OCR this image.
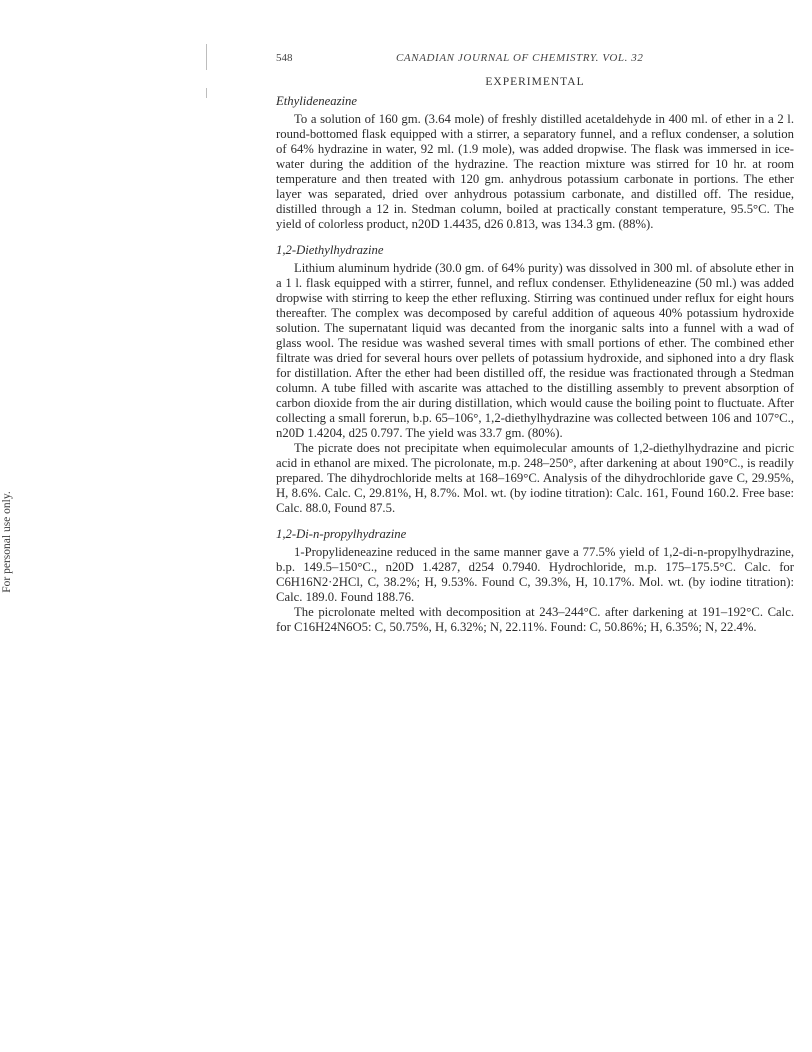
For personal use only.
548	CANADIAN JOURNAL OF CHEMISTRY. VOL. 32
EXPERIMENTAL
Ethylideneazine

To a solution of 160 gm. (3.64 mole) of freshly distilled acetaldehyde in 400 ml. of ether in a 2 l. round-bottomed flask equipped with a stirrer, a separatory funnel, and a reflux condenser, a solution of 64% hydrazine in water, 92 ml. (1.9 mole), was added dropwise. The flask was immersed in ice-water during the addition of the hydrazine. The reaction mixture was stirred for 10 hr. at room temperature and then treated with 120 gm. anhydrous potassium carbonate in portions. The ether layer was separated, dried over anhydrous potassium carbonate, and distilled off. The residue, distilled through a 12 in. Stedman column, boiled at practically constant temperature, 95.5°C. The yield of colorless product, n20D 1.4435, d26 0.813, was 134.3 gm. (88%).

1,2-Diethylhydrazine

Lithium aluminum hydride (30.0 gm. of 64% purity) was dissolved in 300 ml. of absolute ether in a 1 l. flask equipped with a stirrer, funnel, and reflux condenser. Ethylideneazine (50 ml.) was added dropwise with stirring to keep the ether refluxing. Stirring was continued under reflux for eight hours thereafter. The complex was decomposed by careful addition of aqueous 40% potassium hydroxide solution. The supernatant liquid was decanted from the inorganic salts into a funnel with a wad of glass wool. The residue was washed several times with small portions of ether. The combined ether filtrate was dried for several hours over pellets of potassium hydroxide, and siphoned into a dry flask for distillation. After the ether had been distilled off, the residue was fractionated through a Stedman column. A tube filled with ascarite was attached to the distilling assembly to prevent absorption of carbon dioxide from the air during distillation, which would cause the boiling point to fluctuate. After collecting a small forerun, b.p. 65–106°, 1,2-diethylhydrazine was collected between 106 and 107°C., n20D 1.4204, d25 0.797. The yield was 33.7 gm. (80%).

The picrate does not precipitate when equimolecular amounts of 1,2-diethylhydrazine and picric acid in ethanol are mixed. The picrolonate, m.p. 248–250°, after darkening at about 190°C., is readily prepared. The dihydrochloride melts at 168–169°C. Analysis of the dihydrochloride gave C, 29.95%, H, 8.6%. Calc. C, 29.81%, H, 8.7%. Mol. wt. (by iodine titration): Calc. 161, Found 160.2. Free base: Calc. 88.0, Found 87.5.

1,2-Di-n-propylhydrazine

1-Propylideneazine reduced in the same manner gave a 77.5% yield of 1,2-di-n-propylhydrazine, b.p. 149.5–150°C., n20D 1.4287, d254 0.7940. Hydrochloride, m.p. 175–175.5°C. Calc. for C6H16N2·2HCl, C, 38.2%; H, 9.53%. Found C, 39.3%, H, 10.17%. Mol. wt. (by iodine titration): Calc. 189.0. Found 188.76.

The picrolonate melted with decomposition at 243–244°C. after darkening at 191–192°C. Calc. for C16H24N6O5: C, 50.75%, H, 6.32%; N, 22.11%. Found: C, 50.86%; H, 6.35%; N, 22.4%.
